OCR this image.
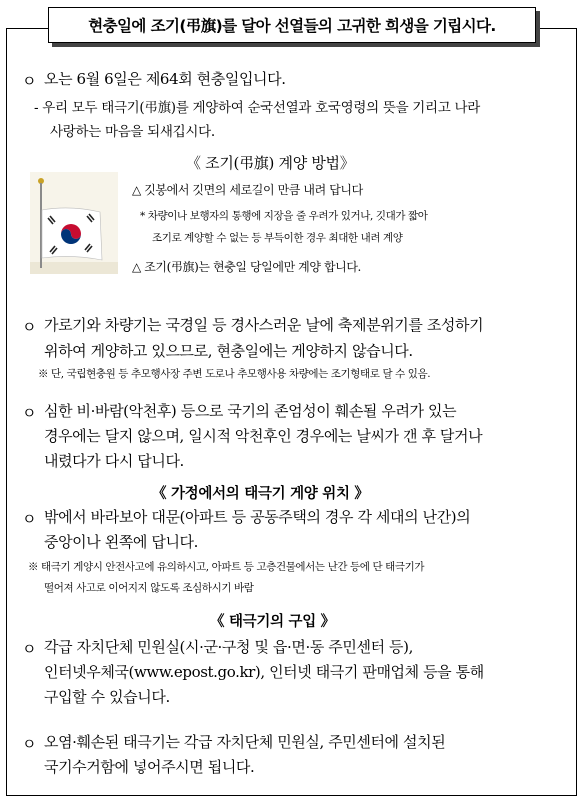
현충일에 조기(弔旗)를 달아 선열들의 고귀한 희생을 기립시다.
ㅇ 오는 6월 6일은 제64회 현충일입니다.
- 우리 모두 태극기(弔旗)를 게양하여 순국선열과 호국영령의 뜻을 기리고 나라
사랑하는 마음을 되새깁시다.
《 조기(弔旗) 계양 방법》
△ 깃봉에서 깃면의 세로길이 만큼 내려 답니다
* 차량이나 보행자의 통행에 지장을 줄 우려가 있거나, 깃대가 짧아
조기로 계양할 수 없는 등 부득이한 경우 최대한 내려 계양
△ 조기(弔旗)는 현충일 당일에만 계양 합니다.
ㅇ 가로기와 차량기는 국경일 등 경사스러운 날에 축제분위기를 조성하기
위하여 게양하고 있으므로, 현충일에는 게양하지 않습니다.
※ 단, 국립현충원 등 추모행사장 주변 도로나 추모행사용 차량에는 조기형태로 달 수 있음.
ㅇ 심한 비·바람(악천후) 등으로 국기의 존엄성이 훼손될 우려가 있는
경우에는 달지 않으며, 일시적 악천후인 경우에는 날씨가 갠 후 달거나
내렸다가 다시 답니다.
《 가정에서의 태극기 게양 위치 》
ㅇ 밖에서 바라보아 대문(아파트 등 공동주택의 경우 각 세대의 난간)의
중앙이나 왼쪽에 답니다.
※ 태극기 게양시 안전사고에 유의하시고, 아파트 등 고층건물에서는 난간 등에 단 태극기가
떨어져 사고로 이어지지 않도록 조심하시기 바람
《 태극기의 구입 》
ㅇ 각급 자치단체 민원실(시·군·구청 및 읍·면·동 주민센터 등),
인터넷우체국(www.epost.go.kr), 인터넷 태극기 판매업체 등을 통해
구입할 수 있습니다.
ㅇ 오염·훼손된 태극기는 각급 자치단체 민원실, 주민센터에 설치된
국기수거함에 넣어주시면 됩니다.
